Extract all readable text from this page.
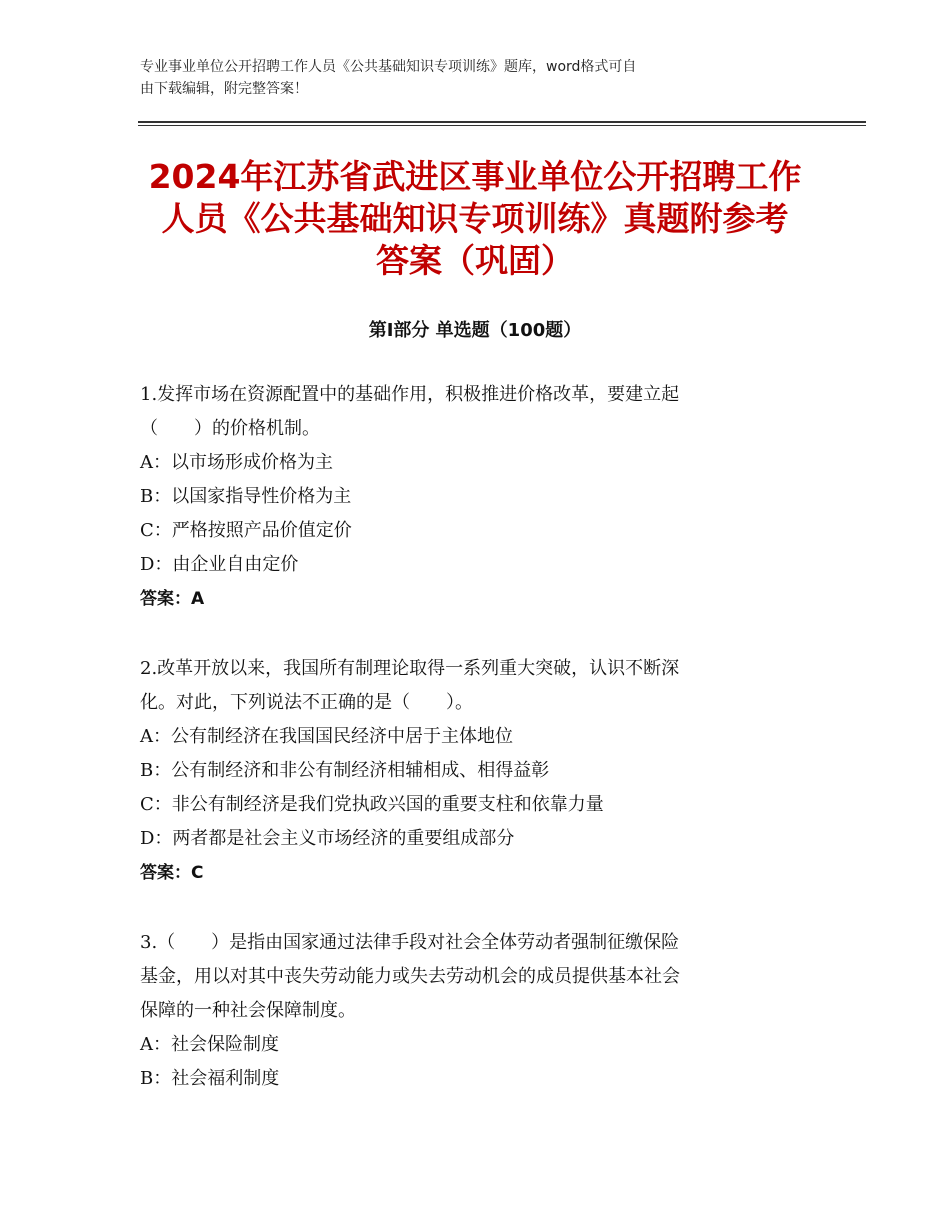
专业事业单位公开招聘工作人员《公共基础知识专项训练》题库，word格式可自
由下载编辑，附完整答案！
2024年江苏省武进区事业单位公开招聘工作
人员《公共基础知识专项训练》真题附参考
答案（巩固）
第Ⅰ部分 单选题（100题）
1.发挥市场在资源配置中的基础作用，积极推进价格改革，要建立起
（　　）的价格机制。
A：以市场形成价格为主
B：以国家指导性价格为主
C：严格按照产品价值定价
D：由企业自由定价
答案：A
2.改革开放以来，我国所有制理论取得一系列重大突破，认识不断深
化。对此，下列说法不正确的是（　　）。
A：公有制经济在我国国民经济中居于主体地位
B：公有制经济和非公有制经济相辅相成、相得益彰
C：非公有制经济是我们党执政兴国的重要支柱和依靠力量
D：两者都是社会主义市场经济的重要组成部分
答案：C
3.（　　）是指由国家通过法律手段对社会全体劳动者强制征缴保险
基金，用以对其中丧失劳动能力或失去劳动机会的成员提供基本社会
保障的一种社会保障制度。
A：社会保险制度
B：社会福利制度
